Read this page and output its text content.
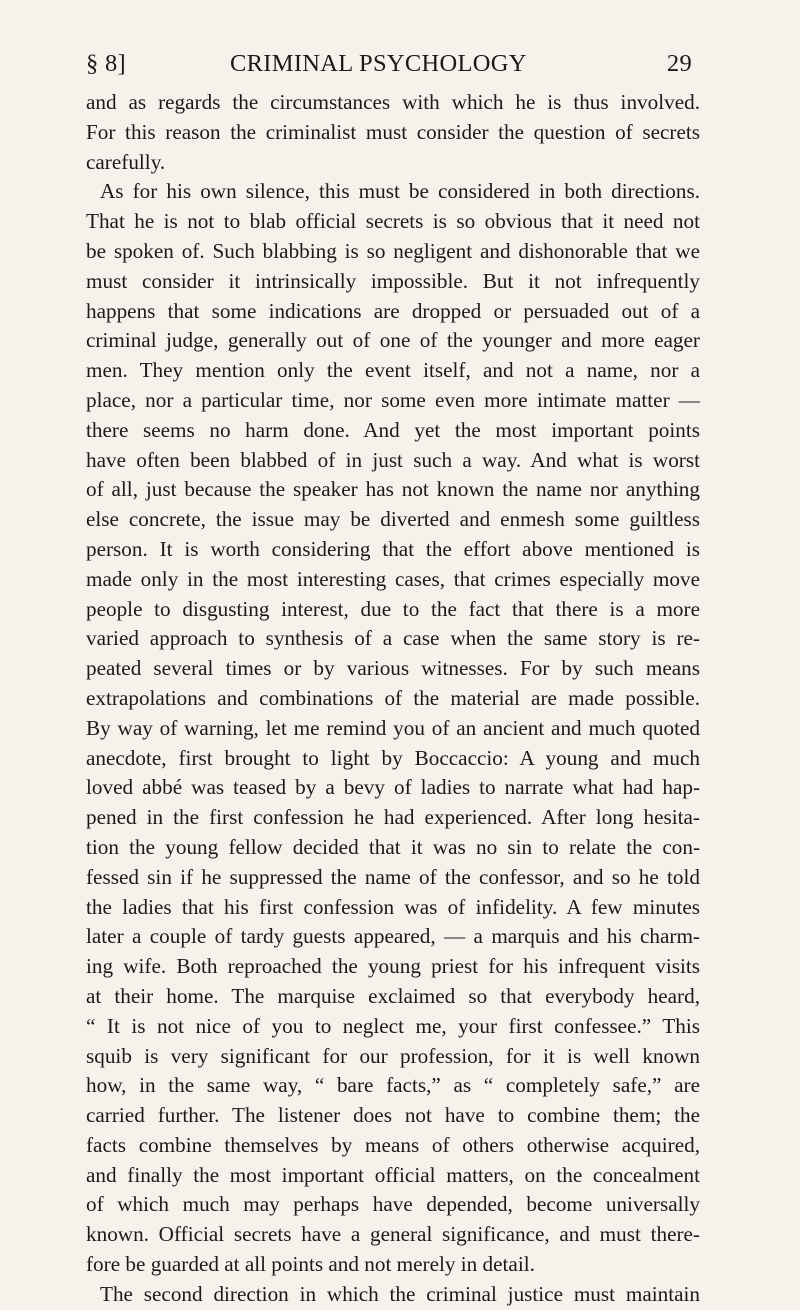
§ 8]	CRIMINAL PSYCHOLOGY	29
and as regards the circumstances with which he is thus involved.
For this reason the criminalist must consider the question of secrets
carefully.
As for his own silence, this must be considered in both directions.
That he is not to blab official secrets is so obvious that it need not
be spoken of. Such blabbing is so negligent and dishonorable that we
must consider it intrinsically impossible. But it not infrequently
happens that some indications are dropped or persuaded out of a
criminal judge, generally out of one of the younger and more eager
men. They mention only the event itself, and not a name, nor a
place, nor a particular time, nor some even more intimate matter —
there seems no harm done. And yet the most important points
have often been blabbed of in just such a way. And what is worst
of all, just because the speaker has not known the name nor anything
else concrete, the issue may be diverted and enmesh some guiltless
person. It is worth considering that the effort above mentioned is
made only in the most interesting cases, that crimes especially move
people to disgusting interest, due to the fact that there is a more
varied approach to synthesis of a case when the same story is re-
peated several times or by various witnesses. For by such means
extrapolations and combinations of the material are made possible.
By way of warning, let me remind you of an ancient and much quoted
anecdote, first brought to light by Boccaccio: A young and much
loved abbé was teased by a bevy of ladies to narrate what had hap-
pened in the first confession he had experienced. After long hesita-
tion the young fellow decided that it was no sin to relate the con-
fessed sin if he suppressed the name of the confessor, and so he told
the ladies that his first confession was of infidelity. A few minutes
later a couple of tardy guests appeared, — a marquis and his charm-
ing wife. Both reproached the young priest for his infrequent visits
at their home. The marquise exclaimed so that everybody heard,
“ It is not nice of you to neglect me, your first confessee.” This
squib is very significant for our profession, for it is well known
how, in the same way, “ bare facts,” as “ completely safe,” are
carried further. The listener does not have to combine them; the
facts combine themselves by means of others otherwise acquired,
and finally the most important official matters, on the concealment
of which much may perhaps have depended, become universally
known. Official secrets have a general significance, and must there-
fore be guarded at all points and not merely in detail.
The second direction in which the criminal justice must maintain
